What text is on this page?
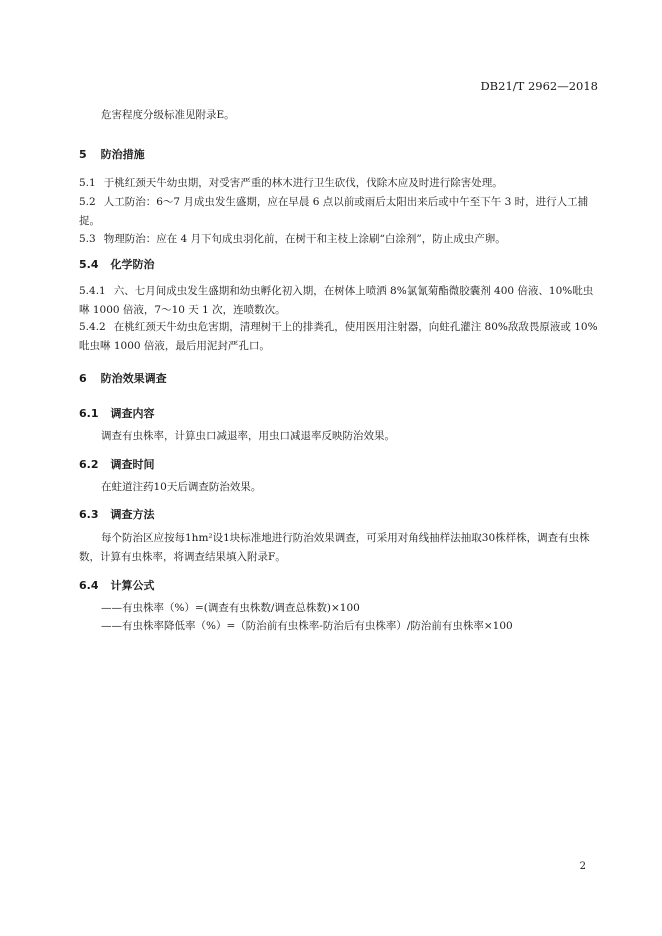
DB21/T 2962—2018
危害程度分级标准见附录E。
5 防治措施
5.1 于桃红颈天牛幼虫期，对受害严重的林木进行卫生砍伐，伐除木应及时进行除害处理。
5.2 人工防治：6～7 月成虫发生盛期，应在早晨 6 点以前或雨后太阳出来后或中午至下午 3 时，进行人工捕捉。
5.3 物理防治：应在 4 月下旬成虫羽化前，在树干和主枝上涂刷“白涂剂”，防止成虫产卵。
5.4 化学防治
5.4.1 六、七月间成虫发生盛期和幼虫孵化初入期，在树体上喷洒 8%氯氰菊酯微胶囊剂 400 倍液、10%吡虫啉 1000 倍液，7～10 天 1 次，连喷数次。
5.4.2 在桃红颈天牛幼虫危害期，清理树干上的排粪孔，使用医用注射器，向蛀孔灌注 80%敌敌畏原液或 10%吡虫啉 1000 倍液，最后用泥封严孔口。
6 防治效果调查
6.1 调查内容
调查有虫株率，计算虫口减退率，用虫口减退率反映防治效果。
6.2 调查时间
在蛀道注药10天后调查防治效果。
6.3 调查方法
每个防治区应按每1hm²设1块标准地进行防治效果调查，可采用对角线抽样法抽取30株样株，调查有虫株数，计算有虫株率，将调查结果填入附录F。
6.4 计算公式
——有虫株率（%）=(调查有虫株数/调查总株数)×100
——有虫株率降低率（%）=（防治前有虫株率-防治后有虫株率）/防治前有虫株率×100
2
